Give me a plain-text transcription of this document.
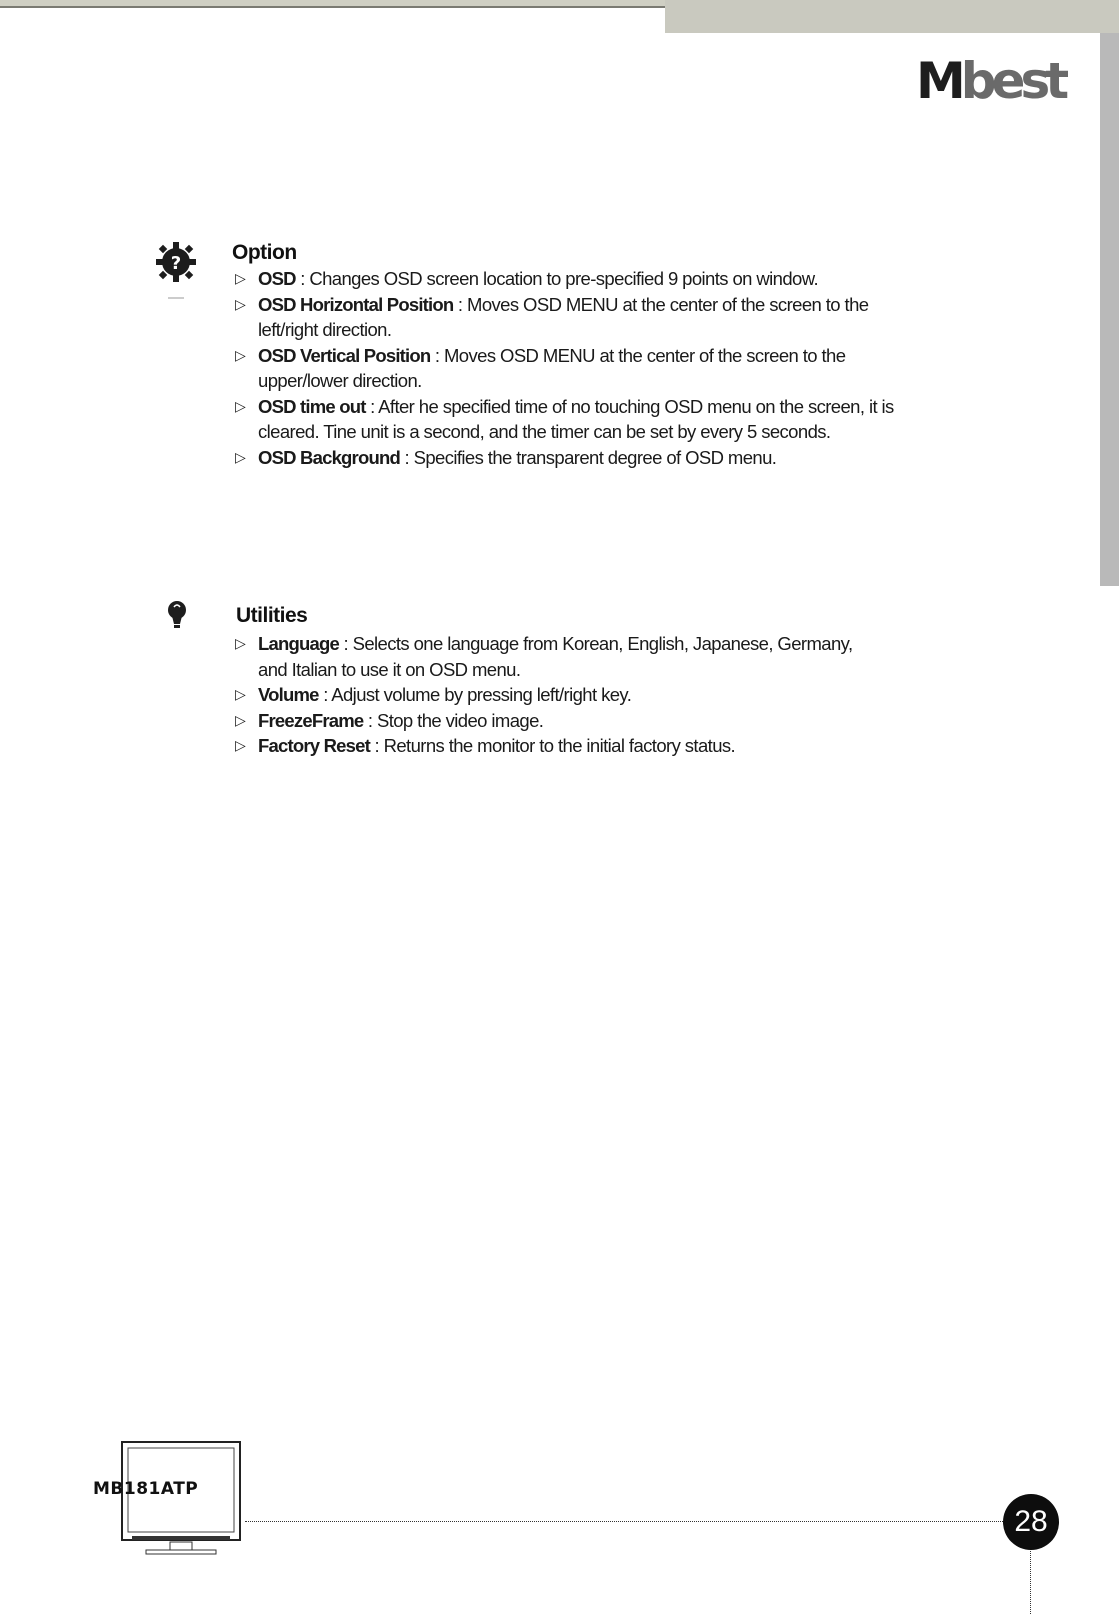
Mbest
? Option
▷ OSD : Changes OSD screen location to pre-specified 9 points on window.
▷ OSD Horizontal Position : Moves OSD MENU at the center of the screen to the left/right direction.
▷ OSD Vertical Position : Moves OSD MENU at the center of the screen to the upper/lower direction.
▷ OSD time out : After he specified time of no touching OSD menu on the screen, it is cleared. Tine unit is a second, and the timer can be set by every 5 seconds.
▷ OSD Background : Specifies the transparent degree of OSD menu.
Utilities
▷ Language : Selects one language from Korean, English, Japanese, Germany, and Italian to use it on OSD menu.
▷ Volume : Adjust volume by pressing left/right key.
▷ FreezeFrame : Stop the video image.
▷ Factory Reset : Returns the monitor to the initial factory status.
MB181ATP
28
